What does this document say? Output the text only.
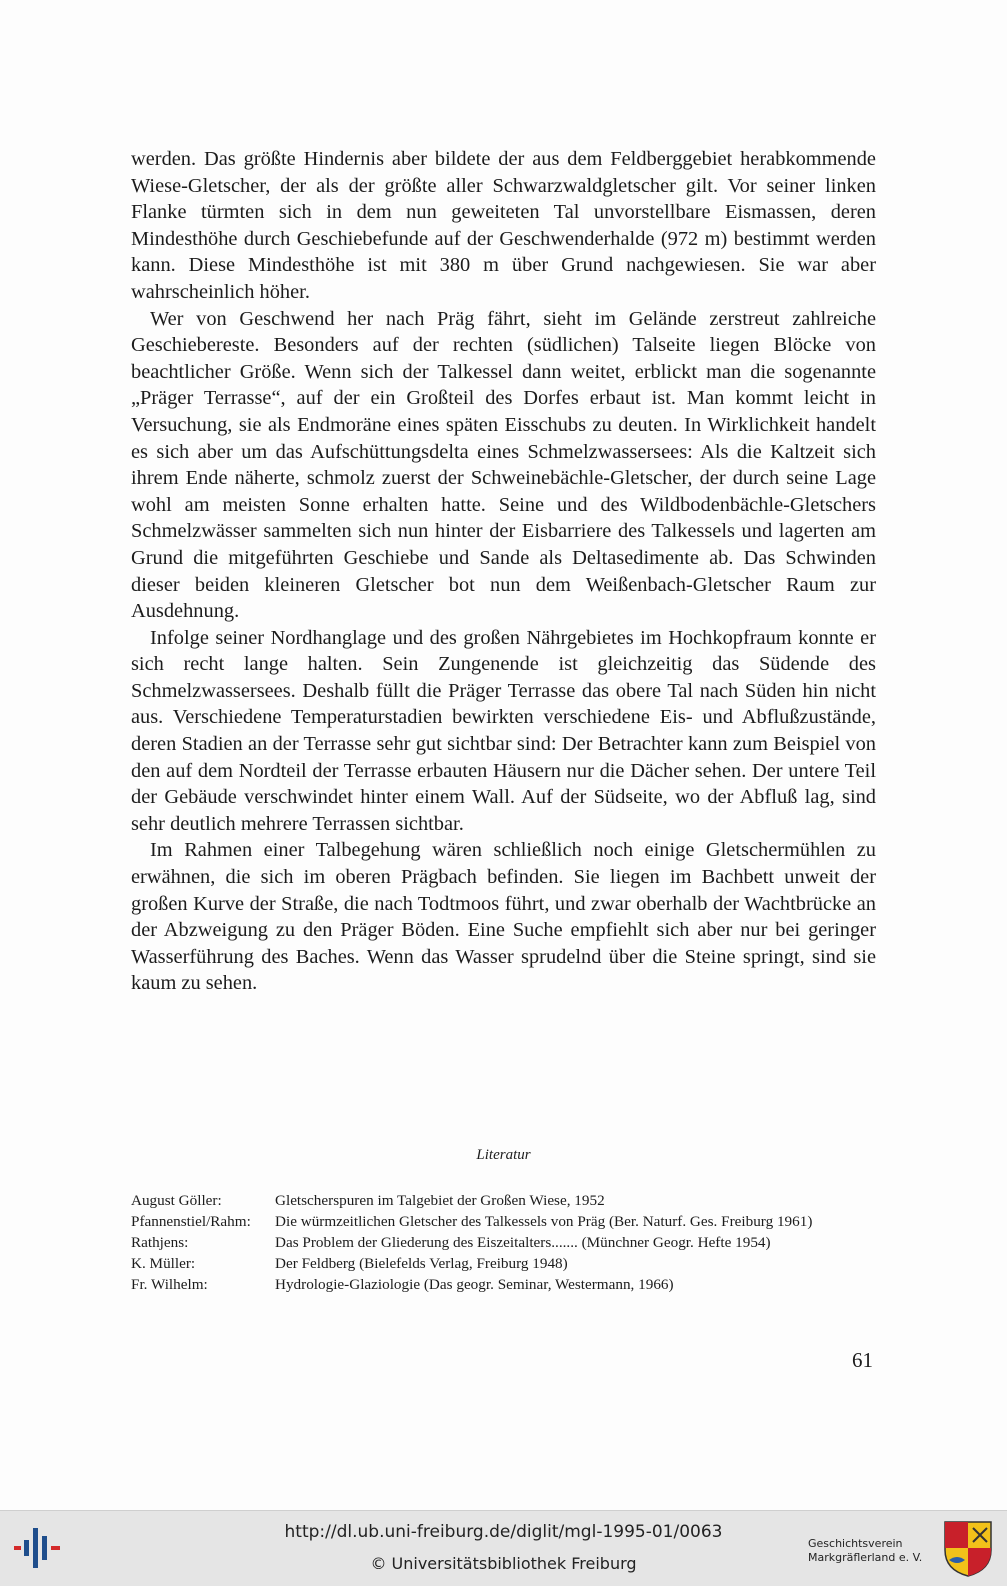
werden. Das größte Hindernis aber bildete der aus dem Feldberggebiet herabkommende Wiese-Gletscher, der als der größte aller Schwarzwaldgletscher gilt. Vor seiner linken Flanke türmten sich in dem nun geweiteten Tal unvorstellbare Eismassen, deren Mindesthöhe durch Geschiebefunde auf der Geschwenderhalde (972 m) bestimmt werden kann. Diese Mindesthöhe ist mit 380 m über Grund nachgewiesen. Sie war aber wahrscheinlich höher.

Wer von Geschwend her nach Präg fährt, sieht im Gelände zerstreut zahlreiche Geschiebereste. Besonders auf der rechten (südlichen) Talseite liegen Blöcke von beachtlicher Größe. Wenn sich der Talkessel dann weitet, erblickt man die sogenannte „Präger Terrasse“, auf der ein Großteil des Dorfes erbaut ist. Man kommt leicht in Versuchung, sie als Endmoräne eines späten Eisschubs zu deuten. In Wirklichkeit handelt es sich aber um das Aufschüttungsdelta eines Schmelzwassersees: Als die Kaltzeit sich ihrem Ende näherte, schmolz zuerst der Schweinebächle-Gletscher, der durch seine Lage wohl am meisten Sonne erhalten hatte. Seine und des Wildbodenbächle-Gletschers Schmelzwässer sammelten sich nun hinter der Eisbarriere des Talkessels und lagerten am Grund die mitgeführten Geschiebe und Sande als Deltasedimente ab. Das Schwinden dieser beiden kleineren Gletscher bot nun dem Weißenbach-Gletscher Raum zur Ausdehnung.

Infolge seiner Nordhanglage und des großen Nährgebietes im Hochkopfraum konnte er sich recht lange halten. Sein Zungenende ist gleichzeitig das Südende des Schmelzwassersees. Deshalb füllt die Präger Terrasse das obere Tal nach Süden hin nicht aus. Verschiedene Temperaturstadien bewirkten verschiedene Eis- und Abflußzustände, deren Stadien an der Terrasse sehr gut sichtbar sind: Der Betrachter kann zum Beispiel von den auf dem Nordteil der Terrasse erbauten Häusern nur die Dächer sehen. Der untere Teil der Gebäude verschwindet hinter einem Wall. Auf der Südseite, wo der Abfluß lag, sind sehr deutlich mehrere Terrassen sichtbar.

Im Rahmen einer Talbegehung wären schließlich noch einige Gletschermühlen zu erwähnen, die sich im oberen Prägbach befinden. Sie liegen im Bachbett unweit der großen Kurve der Straße, die nach Todtmoos führt, und zwar oberhalb der Wachtbrücke an der Abzweigung zu den Präger Böden. Eine Suche empfiehlt sich aber nur bei geringer Wasserführung des Baches. Wenn das Wasser sprudelnd über die Steine springt, sind sie kaum zu sehen.

Literatur
August Göller:	Gletscherspuren im Talgebiet der Großen Wiese, 1952
Pfannenstiel/Rahm:	Die würmzeitlichen Gletscher des Talkessels von Präg (Ber. Naturf. Ges. Freiburg 1961)
Rathjens:	Das Problem der Gliederung des Eiszeitalters....... (Münchner Geogr. Hefte 1954)
K. Müller:	Der Feldberg (Bielefelds Verlag, Freiburg 1948)
Fr. Wilhelm:	Hydrologie-Glaziologie (Das geogr. Seminar, Westermann, 1966)
61
http://dl.ub.uni-freiburg.de/diglit/mgl-1995-01/0063
© Universitätsbibliothek Freiburg
Geschichtsverein
Markgräflerland e. V.
